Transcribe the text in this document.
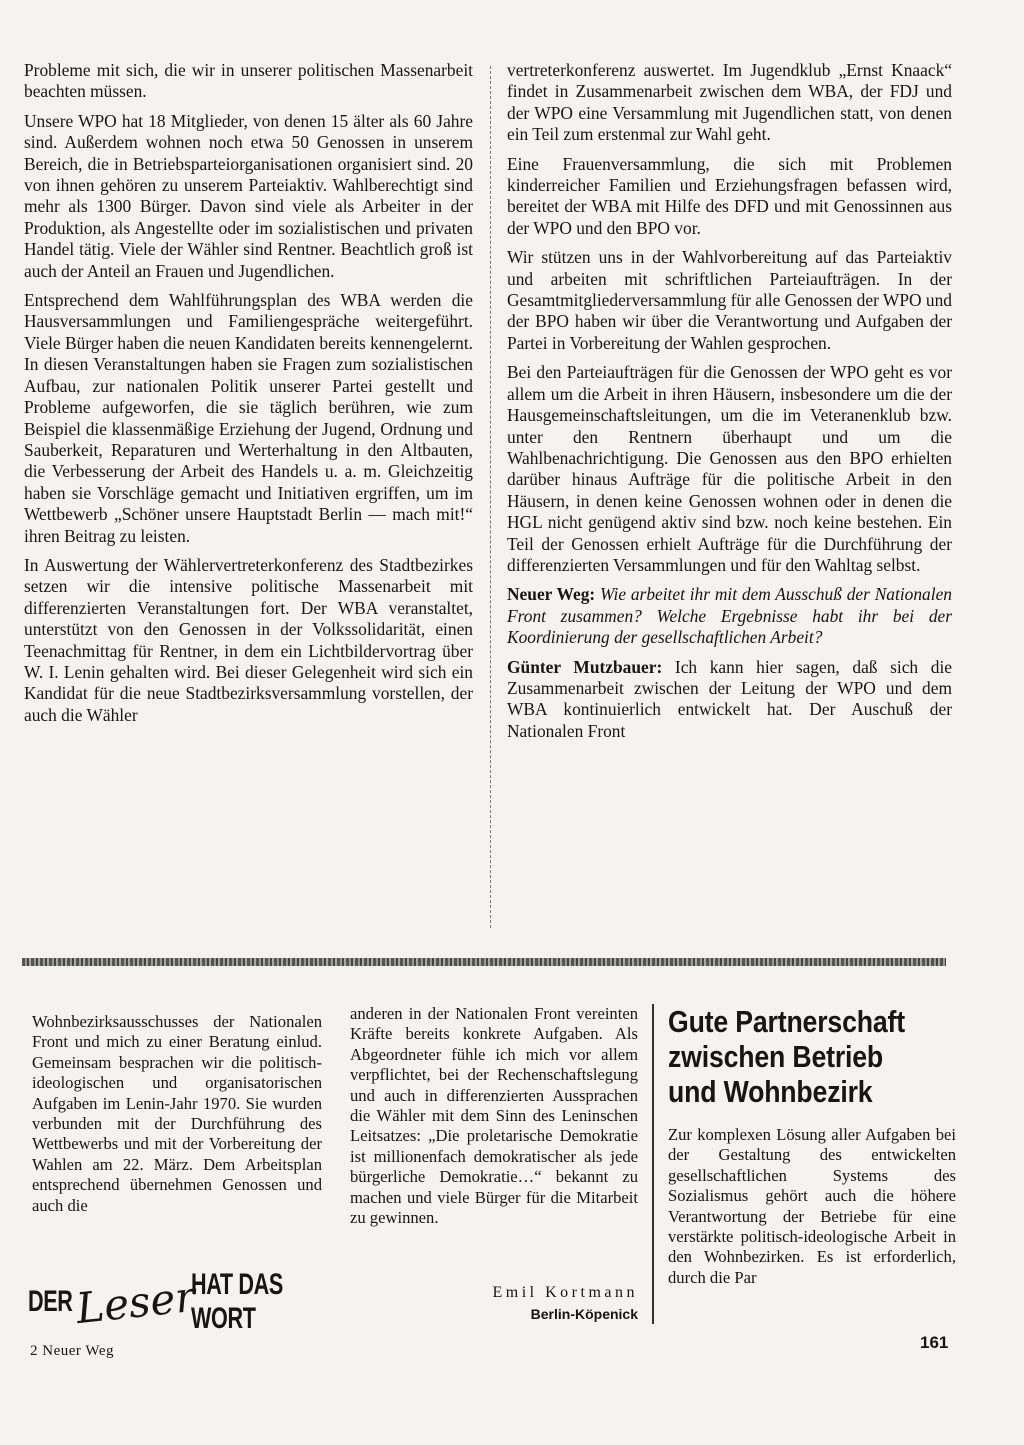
Probleme mit sich, die wir in unserer politischen Massenarbeit beachten müssen.

Unsere WPO hat 18 Mitglieder, von denen 15 älter als 60 Jahre sind. Außerdem wohnen noch etwa 50 Genossen in unserem Bereich, die in Betriebsparteiorganisationen organisiert sind. 20 von ihnen gehören zu unserem Parteiaktiv. Wahlberechtigt sind mehr als 1300 Bürger. Davon sind viele als Arbeiter in der Produktion, als Angestellte oder im sozialistischen und privaten Handel tätig. Viele der Wähler sind Rentner. Beachtlich groß ist auch der Anteil an Frauen und Jugendlichen.

Entsprechend dem Wahlführungsplan des WBA werden die Hausversammlungen und Familiengespräche weitergeführt. Viele Bürger haben die neuen Kandidaten bereits kennengelernt. In diesen Veranstaltungen haben sie Fragen zum sozialistischen Aufbau, zur nationalen Politik unserer Partei gestellt und Probleme aufgeworfen, die sie täglich berühren, wie zum Beispiel die klassenmäßige Erziehung der Jugend, Ordnung und Sauberkeit, Reparaturen und Werterhaltung in den Altbauten, die Verbesserung der Arbeit des Handels u. a. m. Gleichzeitig haben sie Vorschläge gemacht und Initiativen ergriffen, um im Wettbewerb „Schöner unsere Hauptstadt Berlin — mach mit!“ ihren Beitrag zu leisten.

In Auswertung der Wählervertreterkonferenz des Stadtbezirkes setzen wir die intensive politische Massenarbeit mit differenzierten Veranstaltungen fort. Der WBA veranstaltet, unterstützt von den Genossen in der Volkssolidarität, einen Teenachmittag für Rentner, in dem ein Lichtbildervortrag über W. I. Lenin gehalten wird. Bei dieser Gelegenheit wird sich ein Kandidat für die neue Stadtbezirksversammlung vorstellen, der auch die Wähler

vertreterkonferenz auswertet. Im Jugendklub „Ernst Knaack“ findet in Zusammenarbeit zwischen dem WBA, der FDJ und der WPO eine Versammlung mit Jugendlichen statt, von denen ein Teil zum erstenmal zur Wahl geht.

Eine Frauenversammlung, die sich mit Problemen kinderreicher Familien und Erziehungsfragen befassen wird, bereitet der WBA mit Hilfe des DFD und mit Genossinnen aus der WPO und den BPO vor.

Wir stützen uns in der Wahlvorbereitung auf das Parteiaktiv und arbeiten mit schriftlichen Parteiaufträgen. In der Gesamtmitgliederversammlung für alle Genossen der WPO und der BPO haben wir über die Verantwortung und Aufgaben der Partei in Vorbereitung der Wahlen gesprochen.

Bei den Parteiaufträgen für die Genossen der WPO geht es vor allem um die Arbeit in ihren Häusern, insbesondere um die der Hausgemeinschaftsleitungen, um die im Veteranenklub bzw. unter den Rentnern überhaupt und um die Wahlbenachrichtigung. Die Genossen aus den BPO erhielten darüber hinaus Aufträge für die politische Arbeit in den Häusern, in denen keine Genossen wohnen oder in denen die HGL nicht genügend aktiv sind bzw. noch keine bestehen. Ein Teil der Genossen erhielt Aufträge für die Durchführung der differenzierten Versammlungen und für den Wahltag selbst.

Neuer Weg: Wie arbeitet ihr mit dem Ausschuß der Nationalen Front zusammen? Welche Ergebnisse habt ihr bei der Koordinierung der gesellschaftlichen Arbeit?

Günter Mutzbauer: Ich kann hier sagen, daß sich die Zusammenarbeit zwischen der Leitung der WPO und dem WBA kontinuierlich entwickelt hat. Der Auschuß der Nationalen Front

Wohnbezirksausschusses der Nationalen Front und mich zu einer Beratung einlud. Gemeinsam besprachen wir die politisch-ideologischen und organisatorischen Aufgaben im Lenin-Jahr 1970. Sie wurden verbunden mit der Durchführung des Wettbewerbs und mit der Vorbereitung der Wahlen am 22. März. Dem Arbeitsplan entsprechend übernehmen Genossen und auch die

anderen in der Nationalen Front vereinten Kräfte bereits konkrete Aufgaben. Als Abgeordneter fühle ich mich vor allem verpflichtet, bei der Rechenschaftslegung und auch in differenzierten Aussprachen die Wähler mit dem Sinn des Leninschen Leitsatzes: „Die proletarische Demokratie ist millionenfach demokratischer als jede bürgerliche Demokratie…“ bekannt zu machen und viele Bürger für die Mitarbeit zu gewinnen.

Emil Kortmann
Berlin-Köpenick
Gute Partnerschaft
zwischen Betrieb
und Wohnbezirk

Zur komplexen Lösung aller Aufgaben bei der Gestaltung des entwickelten gesellschaftlichen Systems des Sozialismus gehört auch die höhere Verantwortung der Betriebe für eine verstärkte politisch-ideologische Arbeit in den Wohnbezirken. Es ist erforderlich, durch die Par

DER Leser
HAT DAS WORT
2 Neuer Weg	161
